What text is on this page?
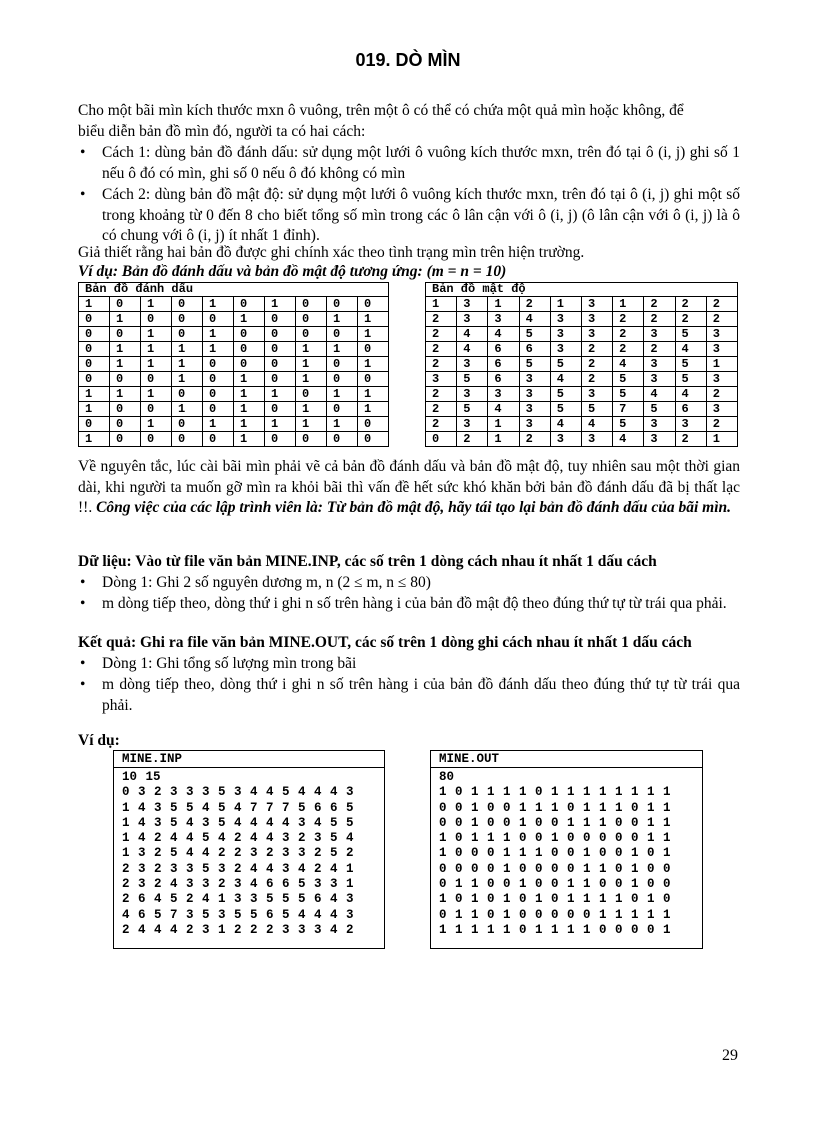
019. DÒ MÌN
Cho một bãi mìn kích thước mxn ô vuông, trên một ô có thể có chứa một quả mìn hoặc không, để
biểu diễn bản đồ mìn đó, người ta có hai cách:
• Cách 1: dùng bản đồ đánh dấu: sử dụng một lưới ô vuông kích thước mxn, trên đó tại ô (i, j) ghi số 1 nếu ô đó có mìn, ghi số 0 nếu ô đó không có mìn
• Cách 2: dùng bản đồ mật độ: sử dụng một lưới ô vuông kích thước mxn, trên đó tại ô (i, j) ghi một số trong khoảng từ 0 đến 8 cho biết tổng số mìn trong các ô lân cận với ô (i, j) (ô lân cận với ô (i, j) là ô có chung với ô (i, j) ít nhất 1 đỉnh).
Giả thiết rằng hai bản đồ được ghi chính xác theo tình trạng mìn trên hiện trường.
Ví dụ: Bản đồ đánh dấu và bản đồ mật độ tương ứng: (m = n = 10)
Bản đồ đánh dấu									
1	0	1	0	1	0	1	0	0	0
0	1	0	0	0	1	0	0	1	1
0	0	1	0	1	0	0	0	0	1
0	1	1	1	1	0	0	1	1	0
0	1	1	1	0	0	0	1	0	1
0	0	0	1	0	1	0	1	0	0
1	1	1	0	0	1	1	0	1	1
1	0	0	1	0	1	0	1	0	1
0	0	1	0	1	1	1	1	1	0
1	0	0	0	0	1	0	0	0	0
Bản đồ mật độ									
1	3	1	2	1	3	1	2	2	2
2	3	3	4	3	3	2	2	2	2
2	4	4	5	3	3	2	3	5	3
2	4	6	6	3	2	2	2	4	3
2	3	6	5	5	2	4	3	5	1
3	5	6	3	4	2	5	3	5	3
2	3	3	3	5	3	5	4	4	2
2	5	4	3	5	5	7	5	6	3
2	3	1	3	4	4	5	3	3	2
0	2	1	2	3	3	4	3	2	1
Về nguyên tắc, lúc cài bãi mìn phải vẽ cả bản đồ đánh dấu và bản đồ mật độ, tuy nhiên sau một thời gian dài, khi người ta muốn gỡ mìn ra khỏi bãi thì vấn đề hết sức khó khăn bởi bản đồ đánh dấu đã bị thất lạc !!. Công việc của các lập trình viên là: Từ bản đồ mật độ, hãy tái tạo lại bản đồ đánh dấu của bãi mìn.
Dữ liệu: Vào từ file văn bản MINE.INP, các số trên 1 dòng cách nhau ít nhất 1 dấu cách
• Dòng 1: Ghi 2 số nguyên dương m, n (2 ≤ m, n ≤ 80)
• m dòng tiếp theo, dòng thứ i ghi n số trên hàng i của bản đồ mật độ theo đúng thứ tự từ trái qua phải.
Kết quả: Ghi ra file văn bản MINE.OUT, các số trên 1 dòng ghi cách nhau ít nhất 1 dấu cách
• Dòng 1: Ghi tổng số lượng mìn trong bãi
• m dòng tiếp theo, dòng thứ i ghi n số trên hàng i của bản đồ đánh dấu theo đúng thứ tự từ trái qua phải.
Ví dụ:
MINE.INP
10 15
0 3 2 3 3 3 5 3 4 4 5 4 4 4 3
1 4 3 5 5 4 5 4 7 7 7 5 6 6 5
1 4 3 5 4 3 5 4 4 4 4 3 4 5 5
1 4 2 4 4 5 4 2 4 4 3 2 3 5 4
1 3 2 5 4 4 2 2 3 2 3 3 2 5 2
2 3 2 3 3 5 3 2 4 4 3 4 2 4 1
2 3 2 4 3 3 2 3 4 6 6 5 3 3 1
2 6 4 5 2 4 1 3 3 5 5 5 6 4 3
4 6 5 7 3 5 3 5 5 6 5 4 4 4 3
2 4 4 4 2 3 1 2 2 2 3 3 3 4 2
MINE.OUT
80
1 0 1 1 1 1 0 1 1 1 1 1 1 1 1
0 0 1 0 0 1 1 1 0 1 1 1 0 1 1
0 0 1 0 0 1 0 0 1 1 1 0 0 1 1
1 0 1 1 1 0 0 1 0 0 0 0 0 1 1
1 0 0 0 1 1 1 0 0 1 0 0 1 0 1
0 0 0 0 1 0 0 0 0 1 1 0 1 0 0
0 1 1 0 0 1 0 0 1 1 0 0 1 0 0
1 0 1 0 1 0 1 0 1 1 1 1 0 1 0
0 1 1 0 1 0 0 0 0 0 1 1 1 1 1
1 1 1 1 1 0 1 1 1 1 0 0 0 0 1
29
